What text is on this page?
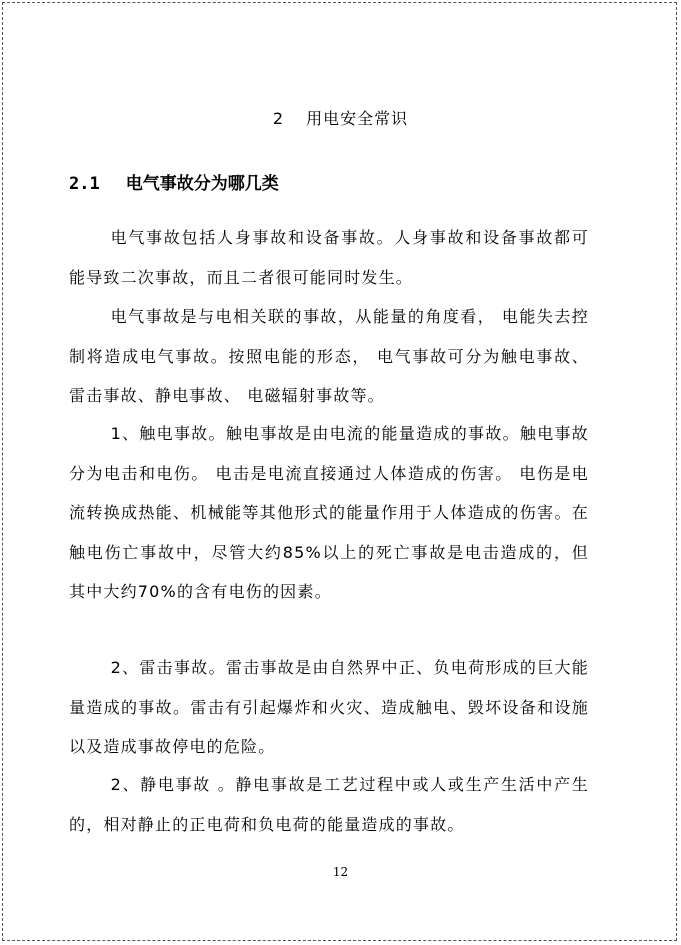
2 用电安全常识
2.1 电气事故分为哪几类

电气事故包括人身事故和设备事故。人身事故和设备事故都可能导致二次事故，而且二者很可能同时发生。

电气事故是与电相关联的事故，从能量的角度看， 电能失去控制将造成电气事故。按照电能的形态， 电气事故可分为触电事故、雷击事故、静电事故、 电磁辐射事故等。

1、触电事故。触电事故是由电流的能量造成的事故。触电事故分为电击和电伤。 电击是电流直接通过人体造成的伤害。 电伤是电流转换成热能、机械能等其他形式的能量作用于人体造成的伤害。在触电伤亡事故中，尽管大约85%以上的死亡事故是电击造成的，但其中大约70%的含有电伤的因素。

2、雷击事故。雷击事故是由自然界中正、负电荷形成的巨大能量造成的事故。雷击有引起爆炸和火灾、造成触电、毁坏设备和设施以及造成事故停电的危险。

2、静电事故 。静电事故是工艺过程中或人或生产生活中产生的，相对静止的正电荷和负电荷的能量造成的事故。

12
